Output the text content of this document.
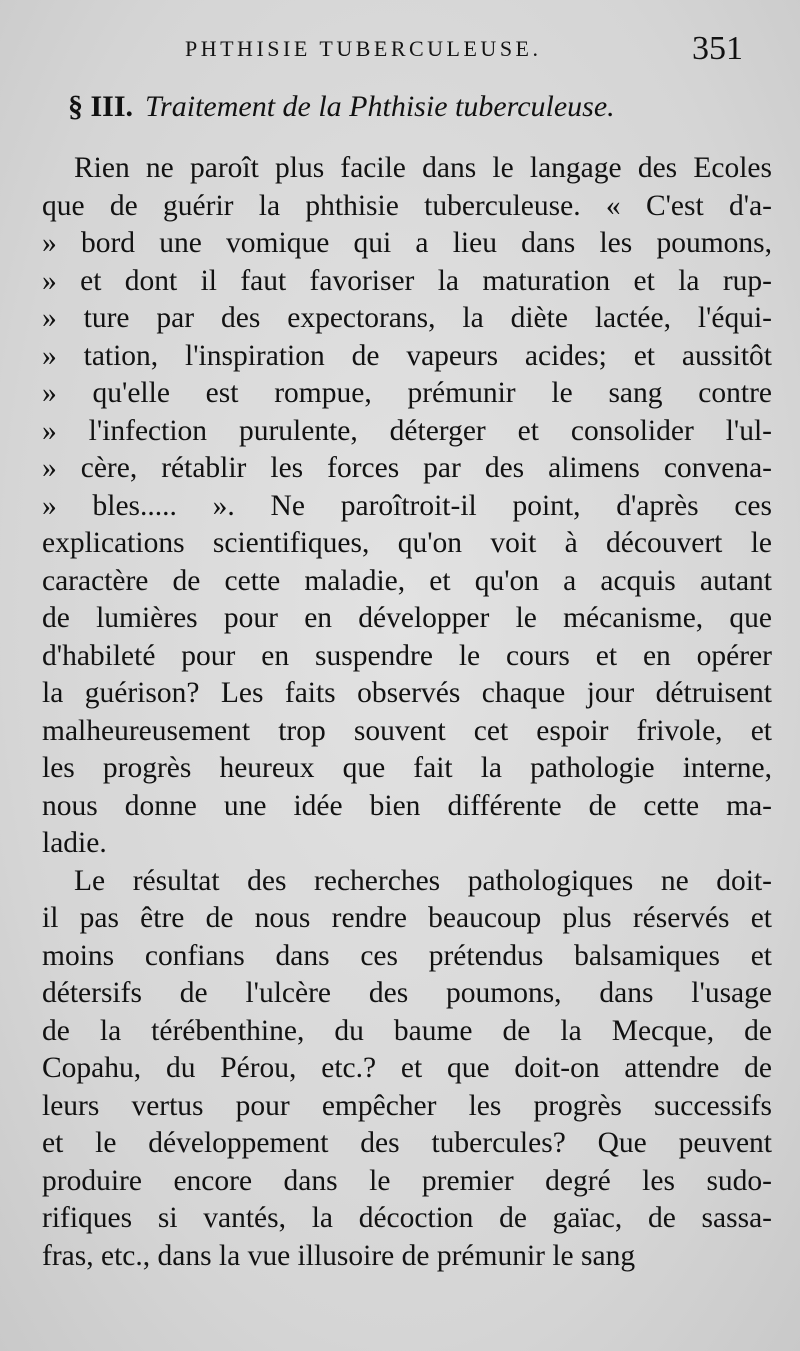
PHTHISIE TUBERCULEUSE.	351
§ III. Traitement de la Phthisie tuberculeuse.
Rien ne paroît plus facile dans le langage des Ecoles
que de guérir la phthisie tuberculeuse. « C'est d'a-
» bord une vomique qui a lieu dans les poumons,
» et dont il faut favoriser la maturation et la rup-
» ture par des expectorans, la diète lactée, l'équi-
» tation, l'inspiration de vapeurs acides; et aussitôt
» qu'elle est rompue, prémunir le sang contre
» l'infection purulente, déterger et consolider l'ul-
» cère, rétablir les forces par des alimens convena-
» bles..... ». Ne paroîtroit-il point, d'après ces
explications scientifiques, qu'on voit à découvert le
caractère de cette maladie, et qu'on a acquis autant
de lumières pour en développer le mécanisme, que
d'habileté pour en suspendre le cours et en opérer
la guérison? Les faits observés chaque jour détruisent
malheureusement trop souvent cet espoir frivole, et
les progrès heureux que fait la pathologie interne,
nous donne une idée bien différente de cette ma-
ladie.
Le résultat des recherches pathologiques ne doit-
il pas être de nous rendre beaucoup plus réservés et
moins confians dans ces prétendus balsamiques et
détersifs de l'ulcère des poumons, dans l'usage
de la térébenthine, du baume de la Mecque, de
Copahu, du Pérou, etc.? et que doit-on attendre de
leurs vertus pour empêcher les progrès successifs
et le développement des tubercules? Que peuvent
produire encore dans le premier degré les sudo-
rifiques si vantés, la décoction de gaïac, de sassa-
fras, etc., dans la vue illusoire de prémunir le sang
